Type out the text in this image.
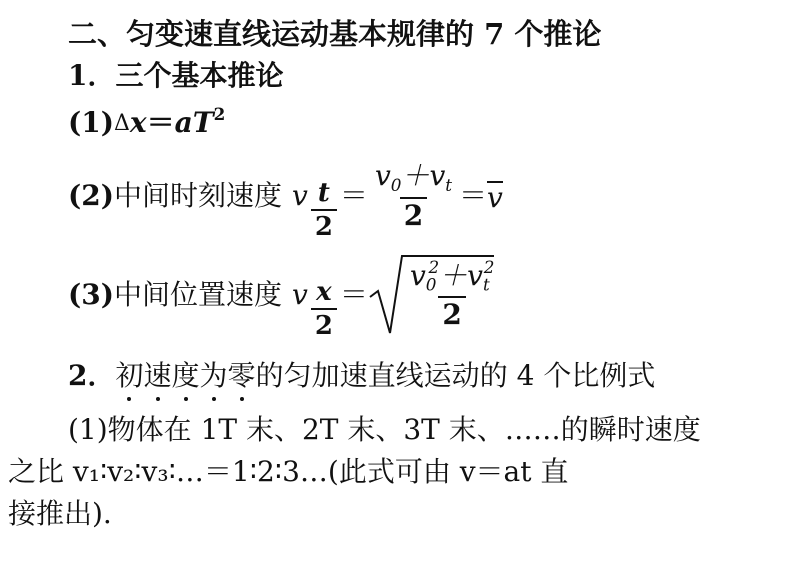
二、匀变速直线运动基本规律的 7 个推论
1．三个基本推论
$(1)\Delta x=aT^2$
(2) 中间时刻速度 v $\frac{t}{2} = \frac{v_0+v_t}{2} = v$
(3) 中间位置速度 v $\frac{x}{2} = \frac{v_0^2+v_t^2}{2}$
2．初速度为零的匀加速直线运动的 4 个比例式
(1)物体在 1T 末、2T 末、3T 末、……的瞬时速度
之比 v₁∶v₂∶v₃∶…＝1∶2∶3…(此式可由 v＝at 直
接推出).
